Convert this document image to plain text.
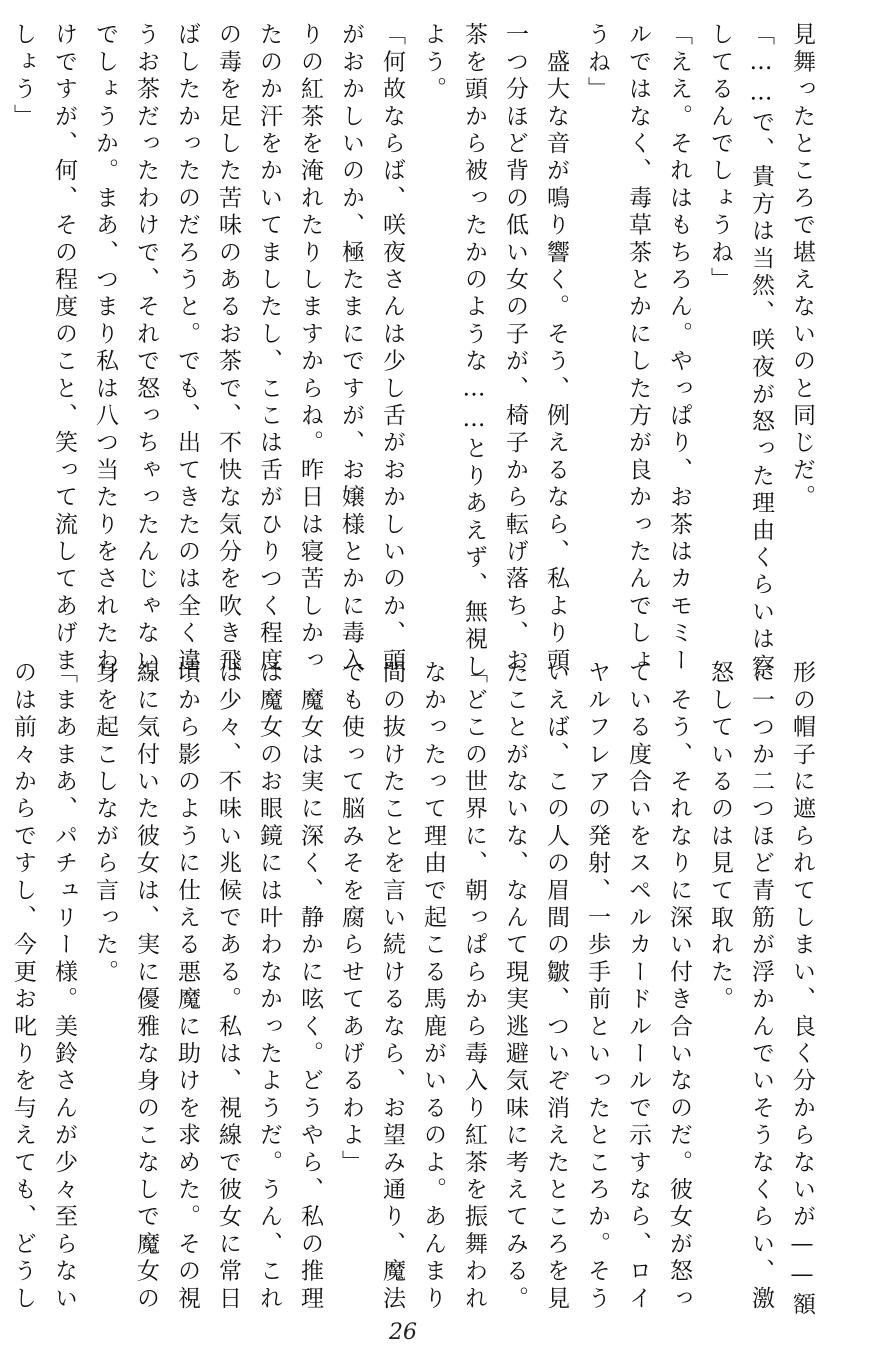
見舞ったところで堪えないのと同じだ。
「……で、貴方は当然、咲夜が怒った理由くらいは察
してるんでしょうね」
「ええ。それはもちろん。やっぱり、お茶はカモミー
ルではなく、毒草茶とかにした方が良かったんでしょ
うね」
　盛大な音が鳴り響く。そう、例えるなら、私より頭
一つ分ほど背の低い女の子が、椅子から転げ落ち、お
茶を頭から被ったかのような……とりあえず、無視し
よう。
「何故ならば、咲夜さんは少し舌がおかしいのか、頭
がおかしいのか、極たまにですが、お嬢様とかに毒入
りの紅茶を淹れたりしますからね。昨日は寝苦しかっ
たのか汗をかいてましたし、ここは舌がひりつく程度
の毒を足した苦味のあるお茶で、不快な気分を吹き飛
ばしたかったのだろうと。でも、出てきたのは全く違
うお茶だったわけで、それで怒っちゃったんじゃない
でしょうか。まあ、つまり私は八つ当たりをされたわ
けですが、何、その程度のこと、笑って流してあげま
しょう」
形の帽子に遮られてしまい、良く分からないが——額
に一つか二つほど青筋が浮かんでいそうなくらい、激
怒しているのは見て取れた。
　そう、それなりに深い付き合いなのだ。彼女が怒っ
ている度合いをスペルカードルールで示すなら、ロイ
ヤルフレアの発射、一歩手前といったところか。そう
いえば、この人の眉間の皺、ついぞ消えたところを見
たことがないな、なんて現実逃避気味に考えてみる。
「どこの世界に、朝っぱらから毒入り紅茶を振舞われ
なかったって理由で起こる馬鹿がいるのよ。あんまり
間の抜けたことを言い続けるなら、お望み通り、魔法
でも使って脳みそを腐らせてあげるわよ」
　魔女は実に深く、静かに呟く。どうやら、私の推理
は魔女のお眼鏡には叶わなかったようだ。うん、これ
は少々、不味い兆候である。私は、視線で彼女に常日
頃から影のように仕える悪魔に助けを求めた。その視
線に気付いた彼女は、実に優雅な身のこなしで魔女の
身を起こしながら言った。
「まあまあ、パチュリー様。美鈴さんが少々至らない
のは前々からですし、今更お叱りを与えても、どうし
26
